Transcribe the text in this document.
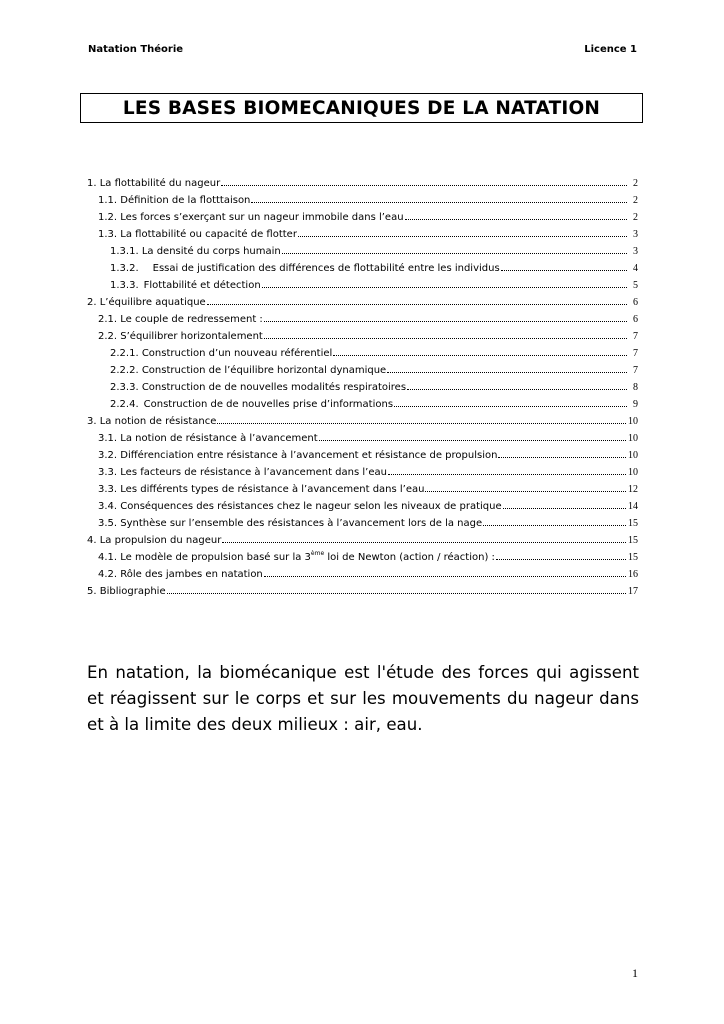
Natation Théorie	Licence 1
LES BASES BIOMECANIQUES DE LA NATATION
1. La flottabilité du nageur	2
1.1. Définition de la flotttaison	2
1.2. Les forces s’exerçant sur un nageur immobile dans l’eau	2
1.3. La flottabilité ou capacité de flotter	3
1.3.1. La densité du corps humain	3
1.3.2. Essai de justification des différences de flottabilité entre les individus	4
1.3.3. Flottabilité et détection	5
2. L’équilibre aquatique	6
2.1. Le couple de redressement :	6
2.2. S’équilibrer horizontalement	7
2.2.1. Construction d’un nouveau référentiel	7
2.2.2. Construction de l’équilibre horizontal dynamique	7
2.3.3. Construction de de nouvelles modalités respiratoires	8
2.2.4. Construction de de nouvelles prise d’informations	9
3. La notion de résistance	10
3.1. La notion de résistance à l’avancement	10
3.2. Différenciation entre résistance à l’avancement et résistance de propulsion	10
3.3. Les facteurs de résistance à l’avancement dans l’eau	10
3.3. Les différents types de résistance à l’avancement dans l’eau	12
3.4. Conséquences des résistances chez le nageur selon les niveaux de pratique	14
3.5. Synthèse sur l’ensemble des résistances à l’avancement lors de la nage	15
4. La propulsion du nageur	15
4.1. Le modèle de propulsion basé sur la 3ème loi de Newton (action / réaction) :	15
4.2. Rôle des jambes en natation	16
5. Bibliographie	17
En natation, la biomécanique est l'étude des forces qui agissent et réagissent sur le corps et sur les mouvements du nageur dans et à la limite des deux milieux : air, eau.
1
